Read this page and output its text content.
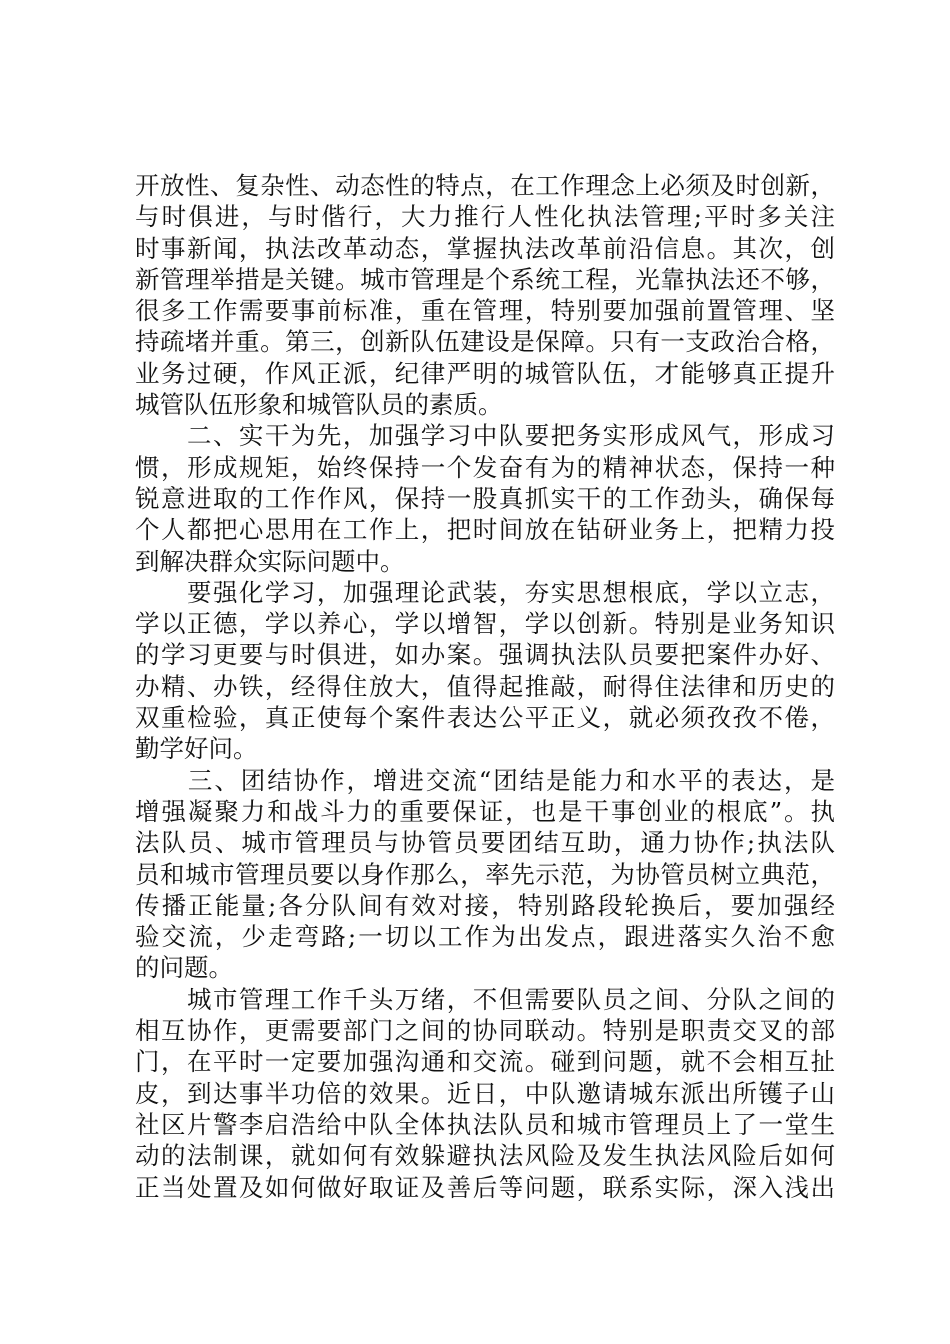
开放性、复杂性、动态性的特点，在工作理念上必须及时创新，
与时俱进，与时偕行，大力推行人性化执法管理;平时多关注
时事新闻，执法改革动态，掌握执法改革前沿信息。其次，创
新管理举措是关键。城市管理是个系统工程，光靠执法还不够，
很多工作需要事前标准，重在管理，特别要加强前置管理、坚
持疏堵并重。第三，创新队伍建设是保障。只有一支政治合格，
业务过硬，作风正派，纪律严明的城管队伍，才能够真正提升
城管队伍形象和城管队员的素质。
　　二、实干为先，加强学习中队要把务实形成风气，形成习
惯，形成规矩，始终保持一个发奋有为的精神状态，保持一种
锐意进取的工作作风，保持一股真抓实干的工作劲头，确保每
个人都把心思用在工作上，把时间放在钻研业务上，把精力投
到解决群众实际问题中。
　　要强化学习，加强理论武装，夯实思想根底，学以立志，
学以正德，学以养心，学以增智，学以创新。特别是业务知识
的学习更要与时俱进，如办案。强调执法队员要把案件办好、
办精、办铁，经得住放大，值得起推敲，耐得住法律和历史的
双重检验，真正使每个案件表达公平正义，就必须孜孜不倦，
勤学好问。
　　三、团结协作，增进交流“团结是能力和水平的表达，是
增强凝聚力和战斗力的重要保证，也是干事创业的根底”。执
法队员、城市管理员与协管员要团结互助，通力协作;执法队
员和城市管理员要以身作那么，率先示范，为协管员树立典范，
传播正能量;各分队间有效对接，特别路段轮换后，要加强经
验交流，少走弯路;一切以工作为出发点，跟进落实久治不愈
的问题。
　　城市管理工作千头万绪，不但需要队员之间、分队之间的
相互协作，更需要部门之间的协同联动。特别是职责交叉的部
门，在平时一定要加强沟通和交流。碰到问题，就不会相互扯
皮，到达事半功倍的效果。近日，中队邀请城东派出所镬子山
社区片警李启浩给中队全体执法队员和城市管理员上了一堂生
动的法制课，就如何有效躲避执法风险及发生执法风险后如何
正当处置及如何做好取证及善后等问题，联系实际，深入浅出
